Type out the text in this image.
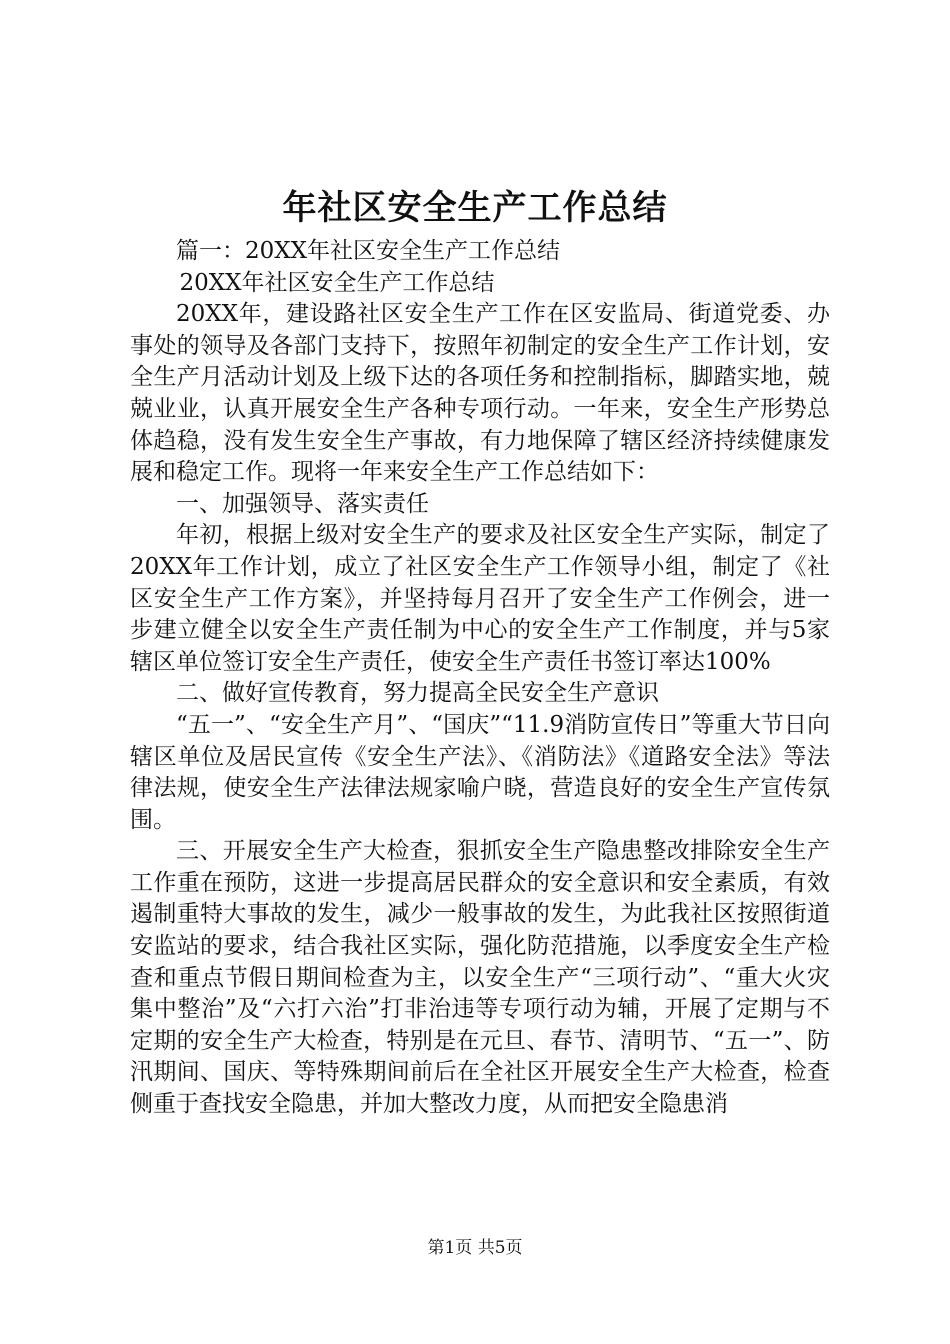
年社区安全生产工作总结

篇一：20XX年社区安全生产工作总结

20XX年社区安全生产工作总结

20XX年，建设路社区安全生产工作在区安监局、街道党委、办事处的领导及各部门支持下，按照年初制定的安全生产工作计划，安全生产月活动计划及上级下达的各项任务和控制指标，脚踏实地，兢兢业业，认真开展安全生产各种专项行动。一年来，安全生产形势总体趋稳，没有发生安全生产事故，有力地保障了辖区经济持续健康发展和稳定工作。现将一年来安全生产工作总结如下：

一、加强领导、落实责任

年初，根据上级对安全生产的要求及社区安全生产实际，制定了20XX年工作计划，成立了社区安全生产工作领导小组，制定了《社区安全生产工作方案》，并坚持每月召开了安全生产工作例会，进一步建立健全以安全生产责任制为中心的安全生产工作制度，并与5家辖区单位签订安全生产责任，使安全生产责任书签订率达100%

二、做好宣传教育，努力提高全民安全生产意识

“五一”、“安全生产月”、“国庆”“11.9消防宣传日”等重大节日向辖区单位及居民宣传《安全生产法》、《消防法》《道路安全法》等法律法规，使安全生产法律法规家喻户晓，营造良好的安全生产宣传氛围。

三、开展安全生产大检查，狠抓安全生产隐患整改排除安全生产工作重在预防，这进一步提高居民群众的安全意识和安全素质，有效遏制重特大事故的发生，减少一般事故的发生，为此我社区按照街道安监站的要求，结合我社区实际，强化防范措施，以季度安全生产检查和重点节假日期间检查为主，以安全生产“三项行动”、“重大火灾集中整治”及“六打六治”打非治违等专项行动为辅，开展了定期与不定期的安全生产大检查，特别是在元旦、春节、清明节、“五一”、防汛期间、国庆、等特殊期间前后在全社区开展安全生产大检查，检查侧重于查找安全隐患，并加大整改力度，从而把安全隐患消

第1页 共5页
